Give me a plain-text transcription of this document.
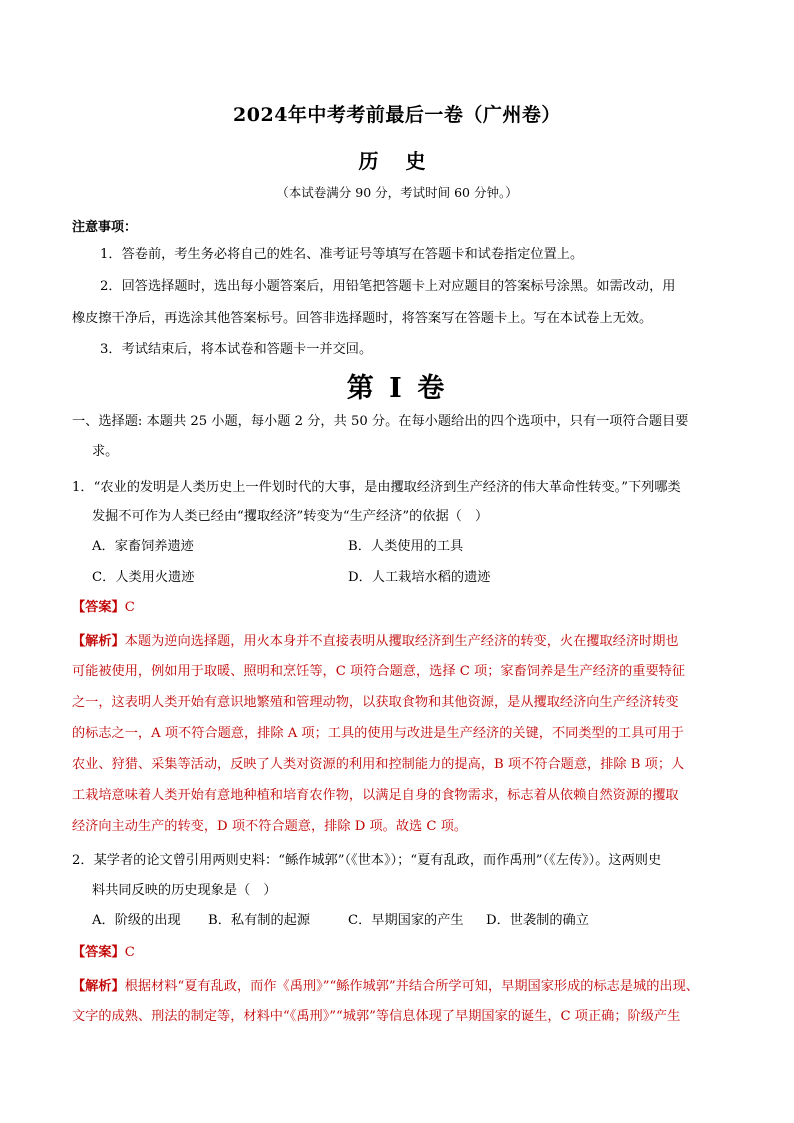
2024年中考考前最后一卷（广州卷）
历 史
（本试卷满分 90 分，考试时间 60 分钟。）
注意事项：
1．答卷前，考生务必将自己的姓名、准考证号等填写在答题卡和试卷指定位置上。
2．回答选择题时，选出每小题答案后，用铅笔把答题卡上对应题目的答案标号涂黑。如需改动，用
橡皮擦干净后，再选涂其他答案标号。回答非选择题时，将答案写在答题卡上。写在本试卷上无效。
3．考试结束后，将本试卷和答题卡一并交回。
第 I 卷
一、选择题: 本题共 25 小题，每小题 2 分，共 50 分。在每小题给出的四个选项中，只有一项符合题目要
求。
1．“农业的发明是人类历史上一件划时代的大事，是由攫取经济到生产经济的伟大革命性转变。”下列哪类
发掘不可作为人类已经由“攫取经济”转变为“生产经济”的依据（　）
A．家畜饲养遗迹	B．人类使用的工具
C．人类用火遗迹	D．人工栽培水稻的遗迹
【答案】C
【解析】本题为逆向选择题，用火本身并不直接表明从攫取经济到生产经济的转变，火在攫取经济时期也
可能被使用，例如用于取暖、照明和烹饪等，C 项符合题意，选择 C 项；家畜饲养是生产经济的重要特征
之一，这表明人类开始有意识地繁殖和管理动物，以获取食物和其他资源，是从攫取经济向生产经济转变
的标志之一，A 项不符合题意，排除 A 项；工具的使用与改进是生产经济的关键，不同类型的工具可用于
农业、狩猎、采集等活动，反映了人类对资源的利用和控制能力的提高，B 项不符合题意，排除 B 项；人
工栽培意味着人类开始有意地种植和培育农作物，以满足自身的食物需求，标志着从依赖自然资源的攫取
经济向主动生产的转变，D 项不符合题意，排除 D 项。故选 C 项。
2．某学者的论文曾引用两则史料：“鲧作城郭”（《世本》）；“夏有乱政，而作禹刑”（《左传》）。这两则史
料共同反映的历史现象是（　）
A．阶级的出现 B．私有制的起源	C．早期国家的产生 D．世袭制的确立
【答案】C
【解析】根据材料“夏有乱政，而作《禹刑》”“鲧作城郭”并结合所学可知，早期国家形成的标志是城的出现、
文字的成熟、刑法的制定等，材料中“《禹刑》”“城郭”等信息体现了早期国家的诞生，C 项正确；阶级产生
